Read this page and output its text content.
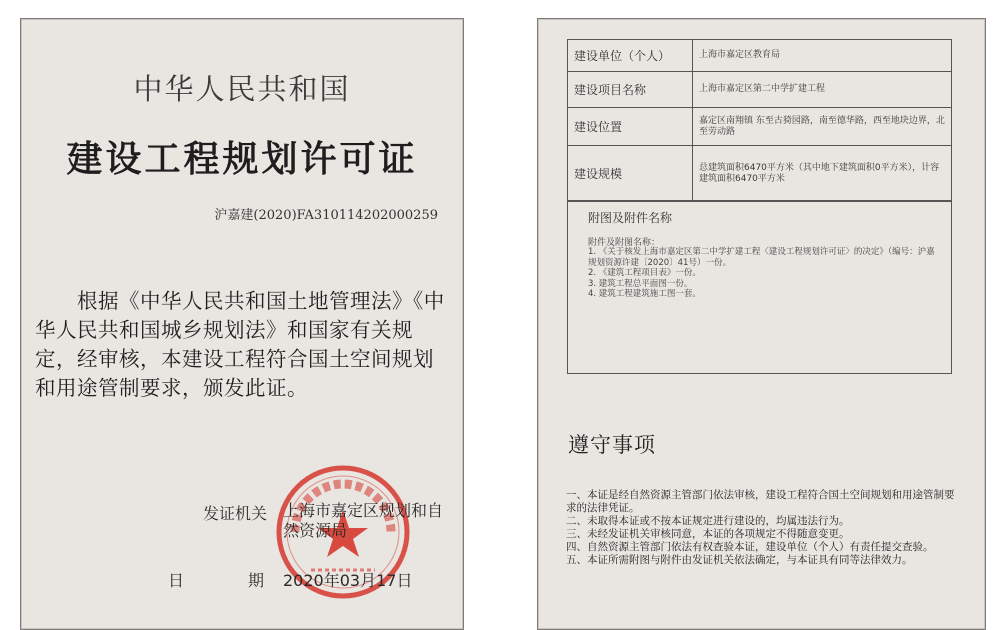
中华人民共和国
建设工程规划许可证
沪嘉建(2020)FA310114202000259
根据《中华人民共和国土地管理法》《中华人民共和国城乡规划法》和国家有关规定，经审核，本建设工程符合国土空间规划和用途管制要求，颁发此证。
发证机关 上海市嘉定区规划和自然资源局
日	期 2020年03月17日
建设单位（个人）	上海市嘉定区教育局
建设项目名称	上海市嘉定区第二中学扩建工程
建设位置	嘉定区南翔镇 东至古猗园路，南至德华路，西至地块边界，北至劳动路
建设规模	总建筑面积6470平方米（其中地下建筑面积0平方米），计容建筑面积6470平方米
附图及附件名称
附件及附图名称：
1. 《关于核发上海市嘉定区第二中学扩建工程〈建设工程规划许可证〉的决定》（编号：沪嘉规划资源许建〔2020〕41号）一份。
2. 《建筑工程项目表》一份。
3. 建筑工程总平面图一份。
4. 建筑工程建筑施工图一套。
遵守事项
一、本证是经自然资源主管部门依法审核，建设工程符合国土空间规划和用途管制要求的法律凭证。
二、未取得本证或不按本证规定进行建设的，均属违法行为。
三、未经发证机关审核同意，本证的各项规定不得随意变更。
四、自然资源主管部门依法有权查验本证，建设单位（个人）有责任提交查验。
五、本证所需附图与附件由发证机关依法确定，与本证具有同等法律效力。
